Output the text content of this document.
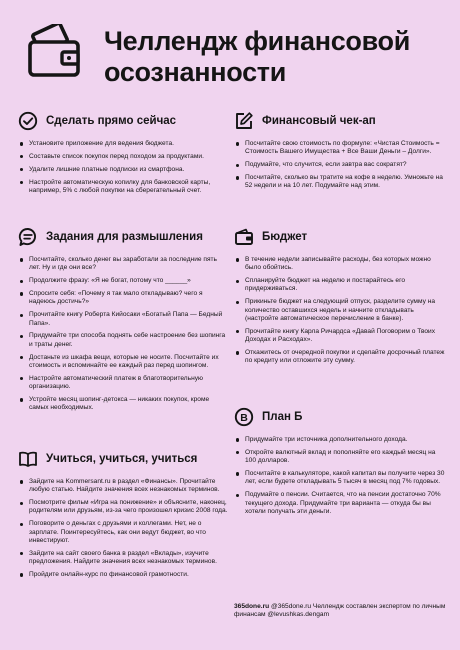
Челлендж финансовой
осознанности
Сделать прямо сейчас
Установите приложение для ведения бюджета.
Составьте список покупок перед походом за продуктами.
Удалите лишние платные подписки из смартфона.
Настройте автоматическую копилку для банковской карты, например, 5% с любой покупки на сберегательный счет.
Задания для размышления
Посчитайте, сколько денег вы заработали за последние пять лет. Ну и где они все?
Продолжите фразу: «Я не богат, потому что ______»
Спросите себя: «Почему я так мало откладываю? чего я надеюсь достичь?»
Прочитайте книгу Роберта Кийосаки «Богатый Папа — Бедный Папа».
Придумайте три способа поднять себе настроение без шопинга и траты денег.
Достаньте из шкафа вещи, которые не носите. Посчитайте их стоимость и вспоминайте ее каждый раз перед шопингом.
Настройте автоматический платеж в благотворительную организацию.
Устройте месяц шопинг-детокса — никаких покупок, кроме самых необходимых.
Учиться, учиться, учиться
Зайдите на Kommersant.ru в раздел «Финансы». Прочитайте любую статью. Найдите значения всех незнакомых терминов.
Посмотрите фильм «Игра на понижение» и объясните, наконец, родителям или друзьям, из-за чего произошел кризис 2008 года.
Поговорите о деньгах с друзьями и коллегами. Нет, не о зарплате. Поинтересуйтесь, как они ведут бюджет, во что инвестируют.
Зайдите на сайт своего банка в раздел «Вклады», изучите предложения. Найдите значения всех незнакомых терминов.
Пройдите онлайн-курс по финансовой грамотности.
Финансовый чек-ап
Посчитайте свою стоимость по формуле: «Чистая Стоимость = Стоимость Вашего Имущества + Все Ваши Деньги – Долги».
Подумайте, что случится, если завтра вас сократят?
Посчитайте, сколько вы тратите на кофе в неделю. Умножьте на 52 недели и на 10 лет. Подумайте над этим.
Бюджет
В течение недели записывайте расходы, без которых можно было обойтись.
Спланируйте бюджет на неделю и постарайтесь его придерживаться.
Прикиньте бюджет на следующий отпуск, разделите сумму на количество оставшихся недель и начните откладывать (настройте автоматическое перечисление в банке).
Прочитайте книгу Карла Ричардса «Давай Поговорим о Твоих Доходах и Расходах».
Откажитесь от очередной покупки и сделайте досрочный платеж по кредиту или отложите эту сумму.
B План Б
Придумайте три источника дополнительного дохода.
Откройте валютный вклад и пополняйте его каждый месяц на 100 долларов.
Посчитайте в калькуляторе, какой капитал вы получите через 30 лет, если будете откладывать 5 тысяч в месяц под 7% годовых.
Подумайте о пенсии. Считается, что на пенсии достаточно 70% текущего дохода. Придумайте три варианта — откуда бы вы хотели получать эти деньги.
365done.ru @365done.ru Челлендж составлен экспертом по личным финансам @levushkas.dengam
